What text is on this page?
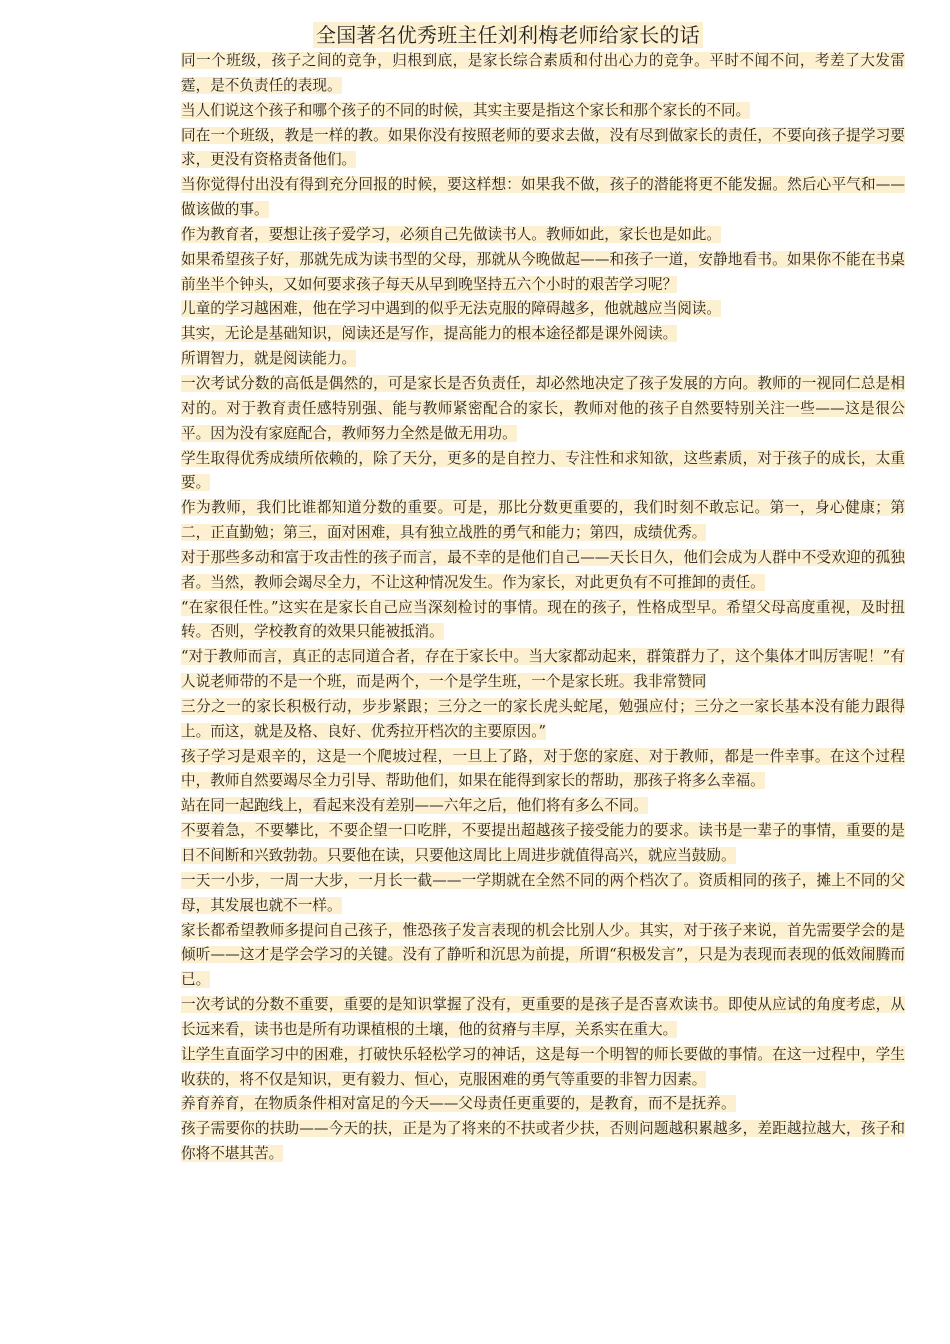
全国著名优秀班主任刘利梅老师给家长的话

同一个班级，孩子之间的竞争，归根到底，是家长综合素质和付出心力的竞争。平时不闻不问，考差了大发雷霆，是不负责任的表现。

当人们说这个孩子和哪个孩子的不同的时候，其实主要是指这个家长和那个家长的不同。

同在一个班级，教是一样的教。如果你没有按照老师的要求去做，没有尽到做家长的责任，不要向孩子提学习要求，更没有资格责备他们。

当你觉得付出没有得到充分回报的时候，要这样想：如果我不做，孩子的潜能将更不能发掘。然后心平气和——做该做的事。

作为教育者，要想让孩子爱学习，必须自己先做读书人。教师如此，家长也是如此。

如果希望孩子好，那就先成为读书型的父母，那就从今晚做起——和孩子一道，安静地看书。如果你不能在书桌前坐半个钟头，又如何要求孩子每天从早到晚坚持五六个小时的艰苦学习呢？

儿童的学习越困难，他在学习中遇到的似乎无法克服的障碍越多，他就越应当阅读。

其实，无论是基础知识，阅读还是写作，提高能力的根本途径都是课外阅读。

所谓智力，就是阅读能力。

一次考试分数的高低是偶然的，可是家长是否负责任，却必然地决定了孩子发展的方向。教师的一视同仁总是相对的。对于教育责任感特别强、能与教师紧密配合的家长，教师对他的孩子自然要特别关注一些——这是很公平。因为没有家庭配合，教师努力全然是做无用功。

学生取得优秀成绩所依赖的，除了天分，更多的是自控力、专注性和求知欲，这些素质，对于孩子的成长，太重要。

作为教师，我们比谁都知道分数的重要。可是，那比分数更重要的，我们时刻不敢忘记。第一，身心健康；第二，正直勤勉；第三，面对困难，具有独立战胜的勇气和能力；第四，成绩优秀。

对于那些多动和富于攻击性的孩子而言，最不幸的是他们自己——天长日久，他们会成为人群中不受欢迎的孤独者。当然，教师会竭尽全力，不让这种情况发生。作为家长，对此更负有不可推卸的责任。

“在家很任性。”这实在是家长自己应当深刻检讨的事情。现在的孩子，性格成型早。希望父母高度重视，及时扭转。否则，学校教育的效果只能被抵消。

“对于教师而言，真正的志同道合者，存在于家长中。当大家都动起来，群策群力了，这个集体才叫厉害呢！”有人说老师带的不是一个班，而是两个，一个是学生班，一个是家长班。我非常赞同

三分之一的家长积极行动，步步紧跟；三分之一的家长虎头蛇尾，勉强应付；三分之一家长基本没有能力跟得上。而这，就是及格、良好、优秀拉开档次的主要原因。”

孩子学习是艰辛的，这是一个爬坡过程，一旦上了路，对于您的家庭、对于教师，都是一件幸事。在这个过程中，教师自然要竭尽全力引导、帮助他们，如果在能得到家长的帮助，那孩子将多么幸福。

站在同一起跑线上，看起来没有差别——六年之后，他们将有多么不同。

不要着急，不要攀比，不要企望一口吃胖，不要提出超越孩子接受能力的要求。读书是一辈子的事情，重要的是日不间断和兴致勃勃。只要他在读，只要他这周比上周进步就值得高兴，就应当鼓励。

一天一小步，一周一大步，一月长一截——一学期就在全然不同的两个档次了。资质相同的孩子，摊上不同的父母，其发展也就不一样。

家长都希望教师多提问自己孩子，惟恐孩子发言表现的机会比别人少。其实，对于孩子来说，首先需要学会的是倾听——这才是学会学习的关键。没有了静听和沉思为前提，所谓“积极发言”，只是为表现而表现的低效闹腾而已。

一次考试的分数不重要，重要的是知识掌握了没有，更重要的是孩子是否喜欢读书。即使从应试的角度考虑，从长远来看，读书也是所有功课植根的土壤，他的贫瘠与丰厚，关系实在重大。

让学生直面学习中的困难，打破快乐轻松学习的神话，这是每一个明智的师长要做的事情。在这一过程中，学生收获的，将不仅是知识，更有毅力、恒心，克服困难的勇气等重要的非智力因素。

养育养育，在物质条件相对富足的今天——父母责任更重要的，是教育，而不是抚养。

孩子需要你的扶助——今天的扶，正是为了将来的不扶或者少扶，否则问题越积累越多，差距越拉越大，孩子和你将不堪其苦。
